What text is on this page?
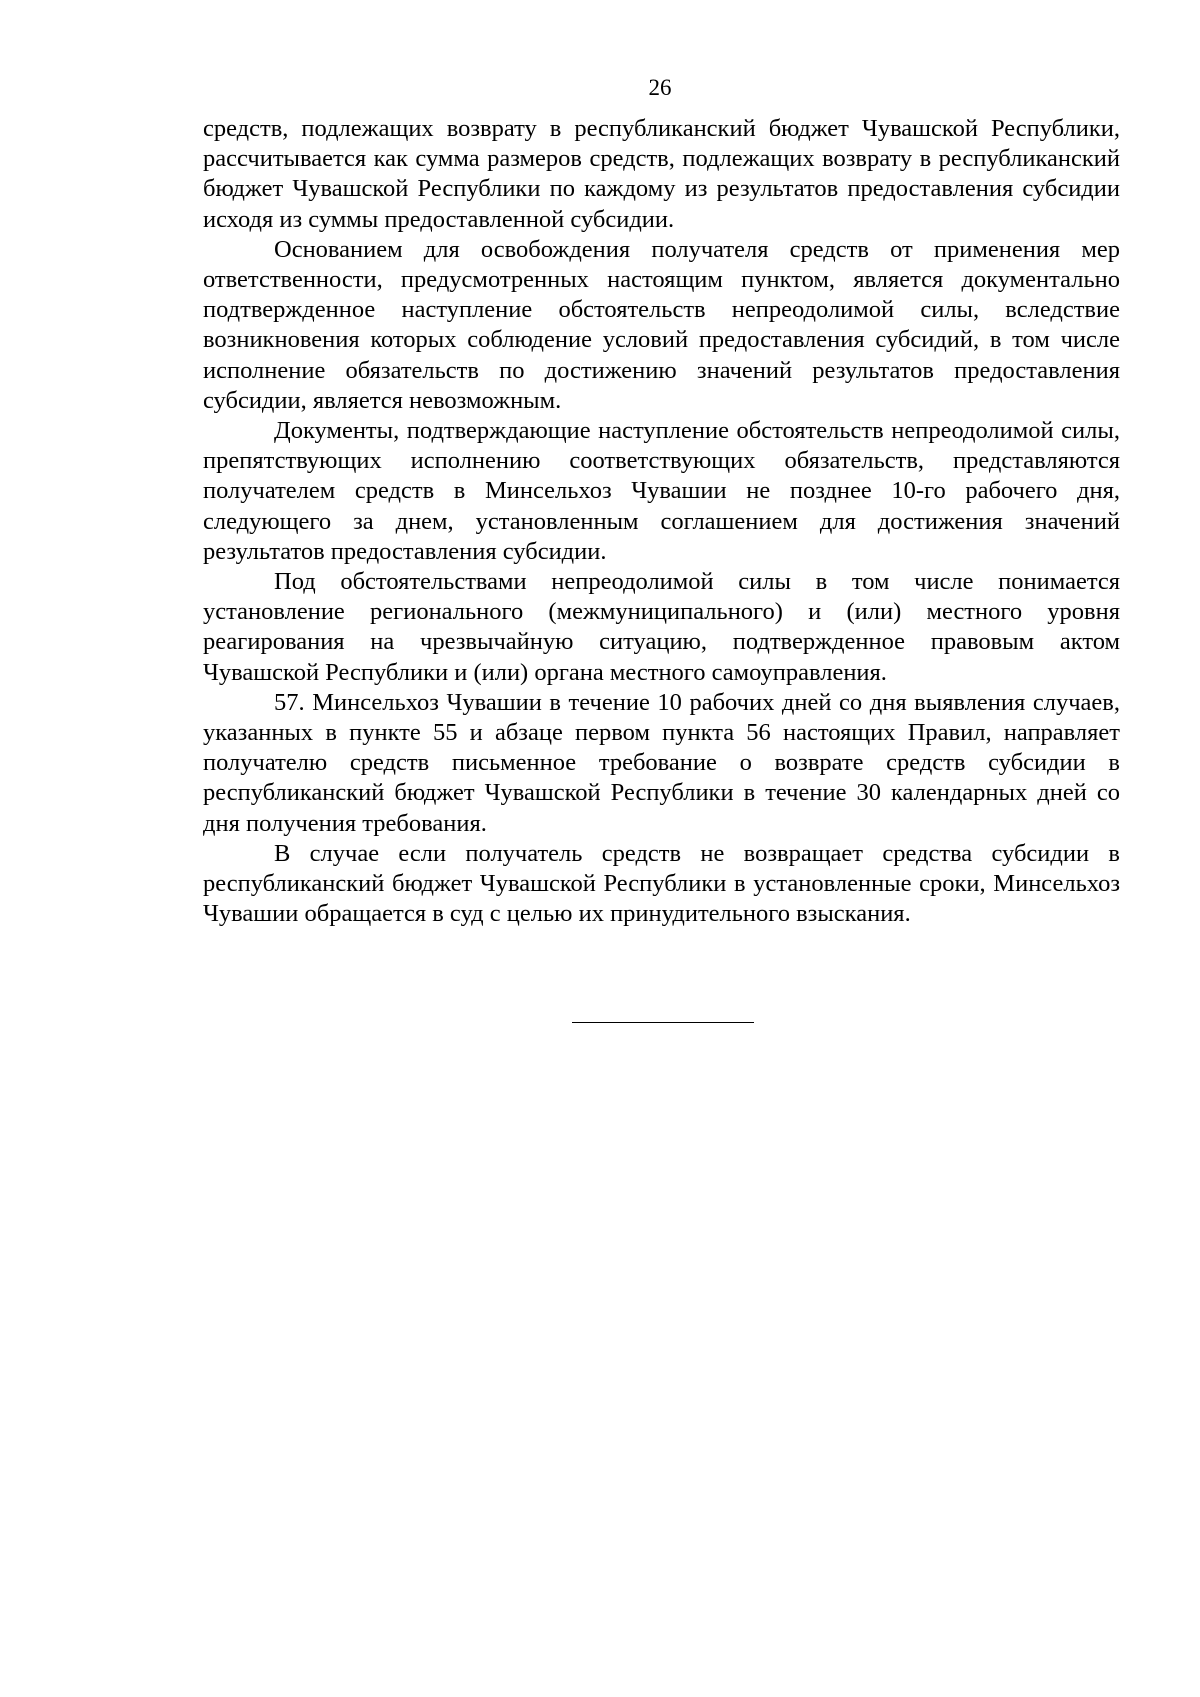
26

средств, подлежащих возврату в республиканский бюджет Чувашской Республики, рассчитывается как сумма размеров средств, подлежащих возврату в республиканский бюджет Чувашской Республики по каждому из результатов предоставления субсидии исходя из суммы предоставленной субсидии.

Основанием для освобождения получателя средств от применения мер ответственности, предусмотренных настоящим пунктом, является документально подтвержденное наступление обстоятельств непреодолимой силы, вследствие возникновения которых соблюдение условий предоставления субсидий, в том числе исполнение обязательств по достижению значений результатов предоставления субсидии, является невозможным.

Документы, подтверждающие наступление обстоятельств непреодолимой силы, препятствующих исполнению соответствующих обязательств, представляются получателем средств в Минсельхоз Чувашии не позднее 10-го рабочего дня, следующего за днем, установленным соглашением для достижения значений результатов предоставления субсидии.

Под обстоятельствами непреодолимой силы в том числе понимается установление регионального (межмуниципального) и (или) местного уровня реагирования на чрезвычайную ситуацию, подтвержденное правовым актом Чувашской Республики и (или) органа местного самоуправления.

57. Минсельхоз Чувашии в течение 10 рабочих дней со дня выявления случаев, указанных в пункте 55 и абзаце первом пункта 56 настоящих Правил, направляет получателю средств письменное требование о возврате средств субсидии в республиканский бюджет Чувашской Республики в течение 30 календарных дней со дня получения требования.

В случае если получатель средств не возвращает средства субсидии в республиканский бюджет Чувашской Республики в установленные сроки, Минсельхоз Чувашии обращается в суд с целью их принудительного взыскания.
